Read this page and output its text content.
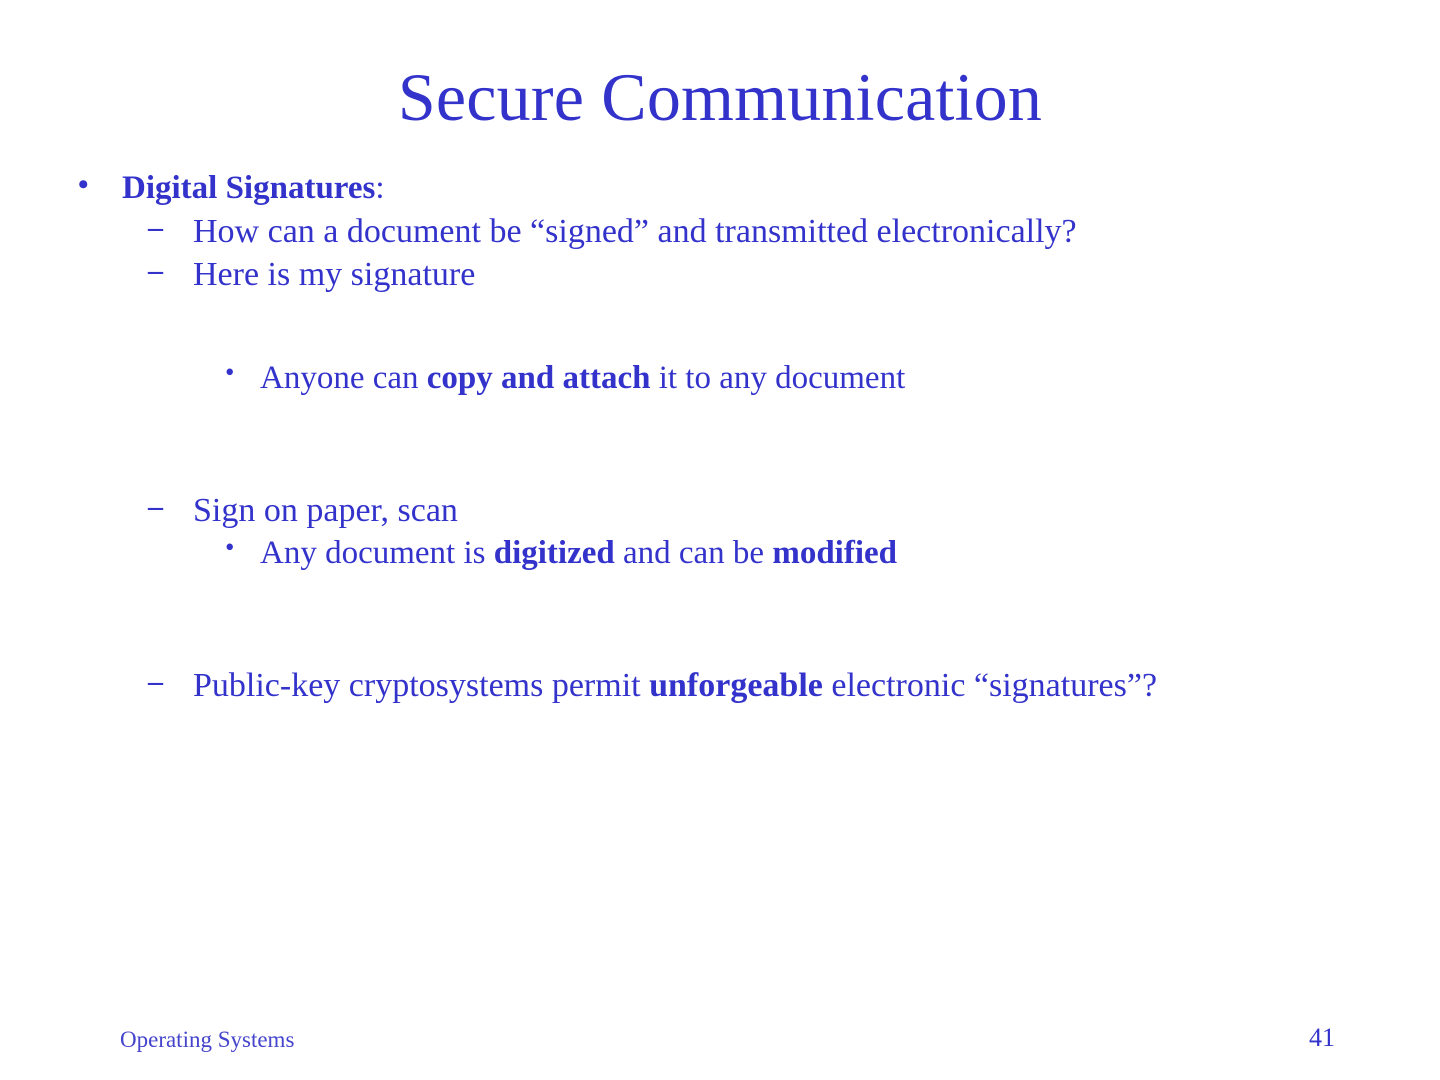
Secure Communication
• Digital Signatures:
– How can a document be “signed” and transmitted electronically?
– Here is my signature
• Anyone can copy and attach it to any document
– Sign on paper, scan
• Any document is digitized and can be modified
– Public-key cryptosystems permit unforgeable electronic “signatures”?
Operating Systems	41
